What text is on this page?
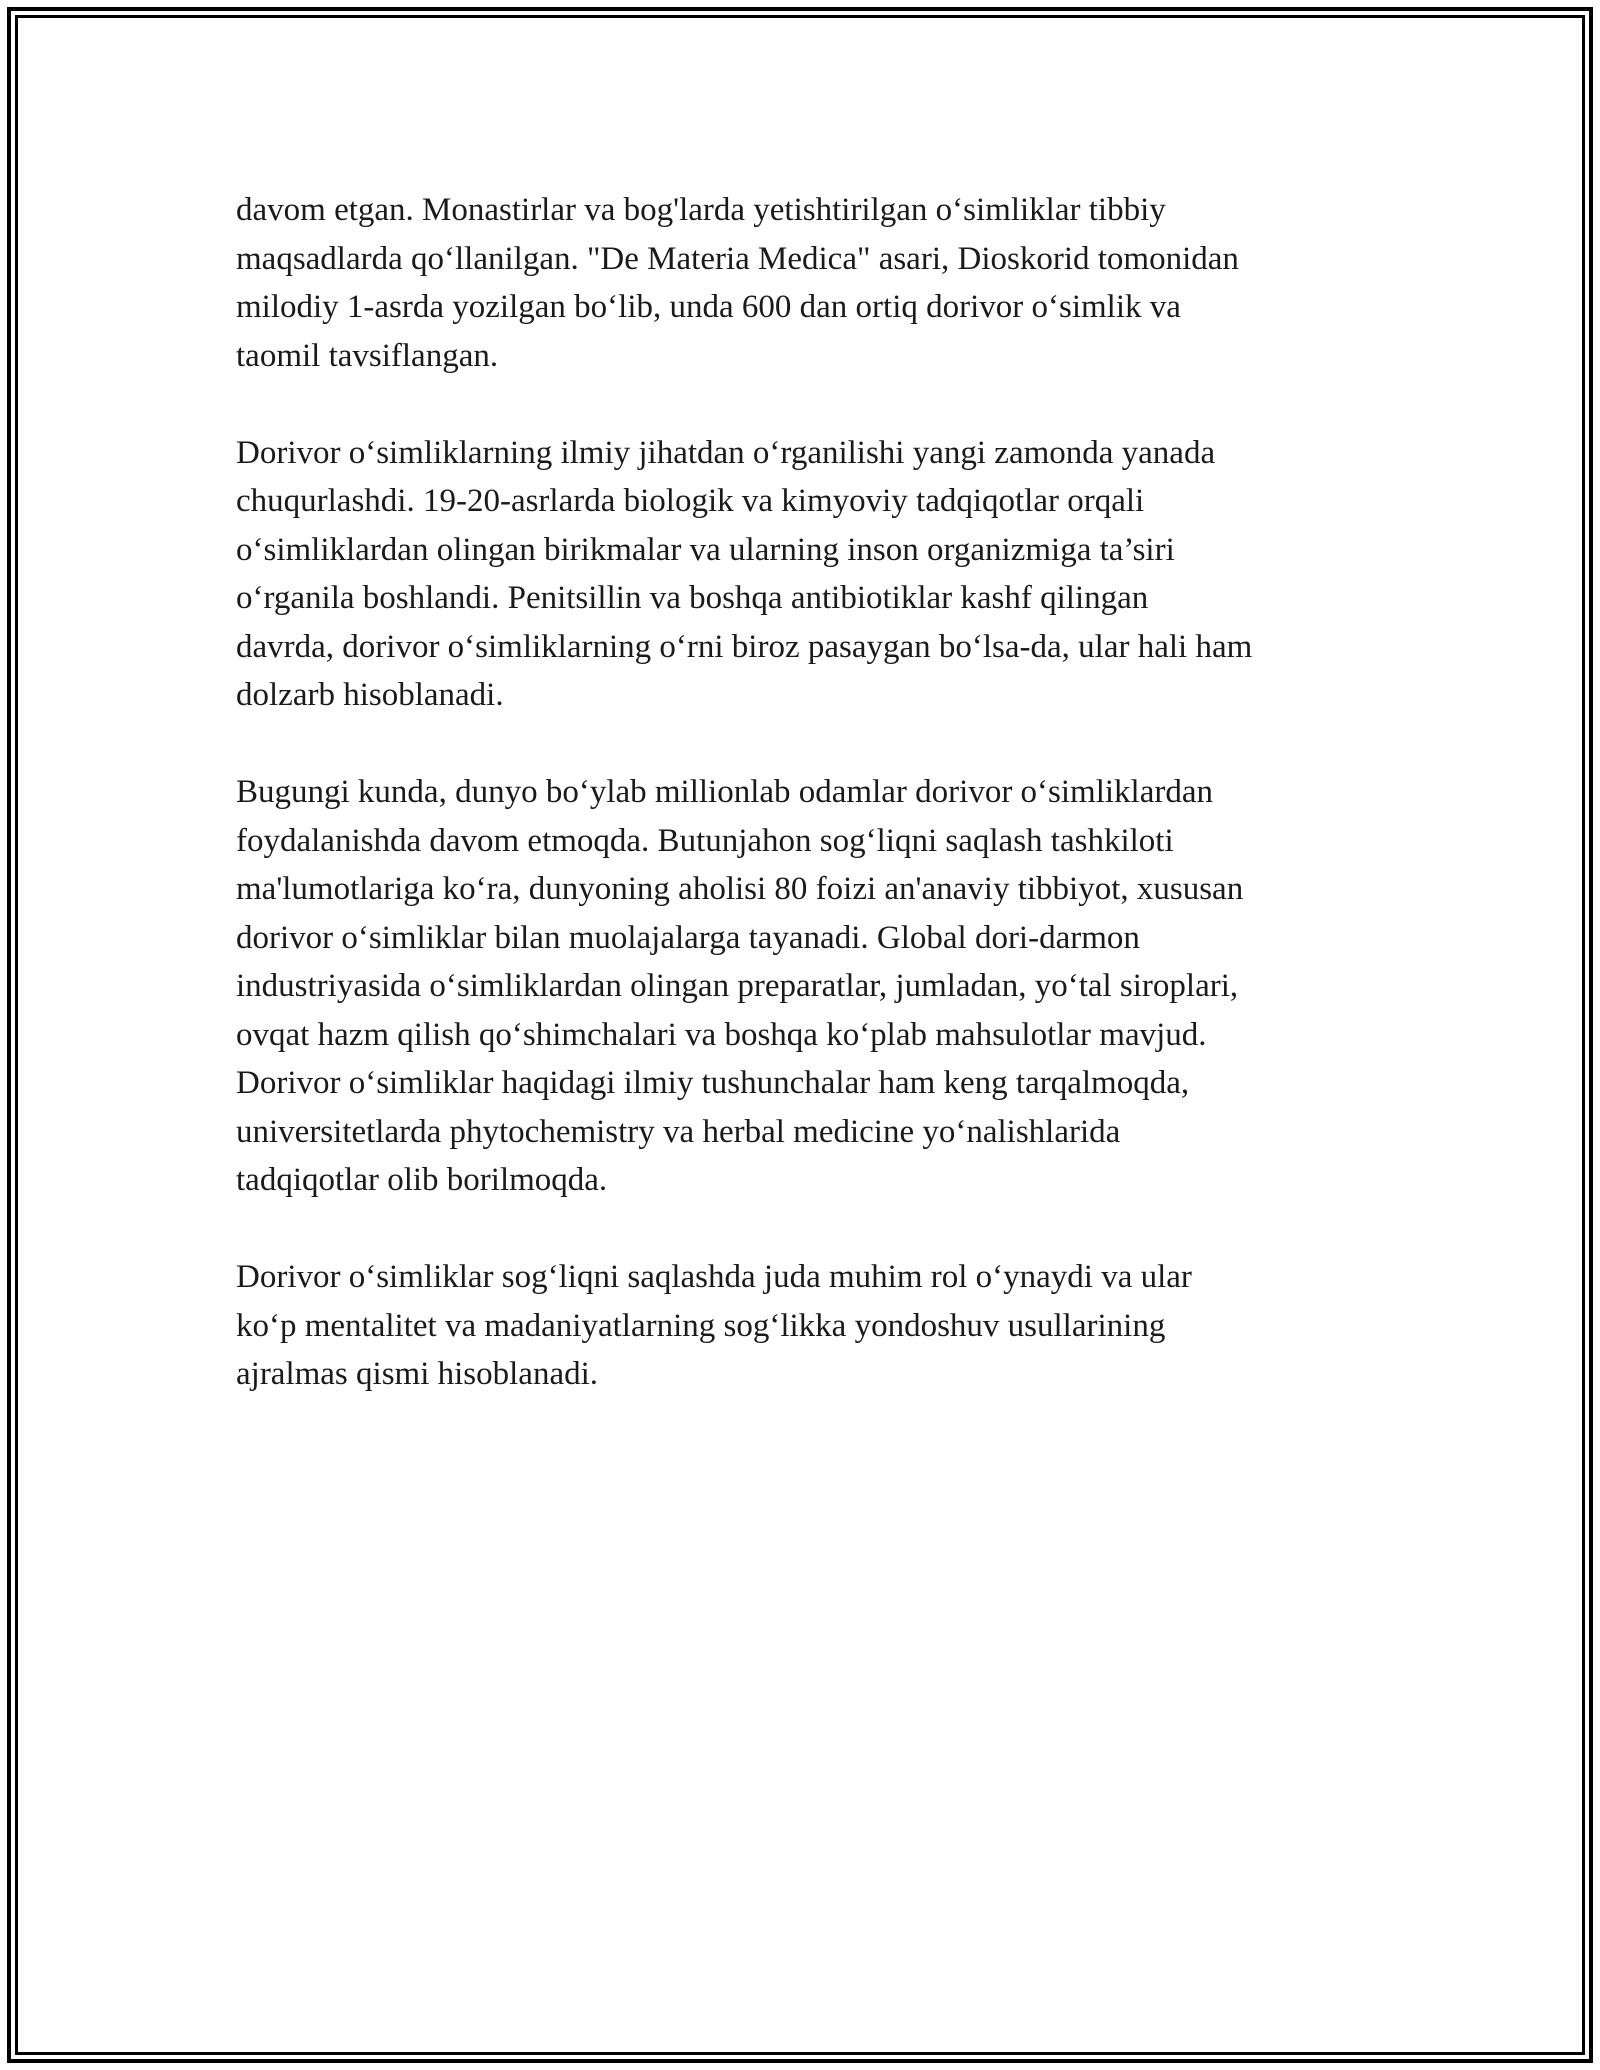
davom etgan. Monastirlar va bog'larda yetishtirilgan o‘simliklar tibbiy
maqsadlarda qo‘llanilgan. "De Materia Medica" asari, Dioskorid tomonidan
milodiy 1-asrda yozilgan bo‘lib, unda 600 dan ortiq dorivor o‘simlik va
taomil tavsiflangan.

Dorivor o‘simliklarning ilmiy jihatdan o‘rganilishi yangi zamonda yanada
chuqurlashdi. 19-20-asrlarda biologik va kimyoviy tadqiqotlar orqali
o‘simliklardan olingan birikmalar va ularning inson organizmiga ta’siri
o‘rganila boshlandi. Penitsillin va boshqa antibiotiklar kashf qilingan
davrda, dorivor o‘simliklarning o‘rni biroz pasaygan bo‘lsa-da, ular hali ham
dolzarb hisoblanadi.

Bugungi kunda, dunyo bo‘ylab millionlab odamlar dorivor o‘simliklardan
foydalanishda davom etmoqda. Butunjahon sog‘liqni saqlash tashkiloti
ma'lumotlariga ko‘ra, dunyoning aholisi 80 foizi an'anaviy tibbiyot, xususan
dorivor o‘simliklar bilan muolajalarga tayanadi. Global dori-darmon
industriyasida o‘simliklardan olingan preparatlar, jumladan, yo‘tal siroplari,
ovqat hazm qilish qo‘shimchalari va boshqa ko‘plab mahsulotlar mavjud.
Dorivor o‘simliklar haqidagi ilmiy tushunchalar ham keng tarqalmoqda,
universitetlarda phytochemistry va herbal medicine yo‘nalishlarida
tadqiqotlar olib borilmoqda.

Dorivor o‘simliklar sog‘liqni saqlashda juda muhim rol o‘ynaydi va ular
ko‘p mentalitet va madaniyatlarning sog‘likka yondoshuv usullarining
ajralmas qismi hisoblanadi.
